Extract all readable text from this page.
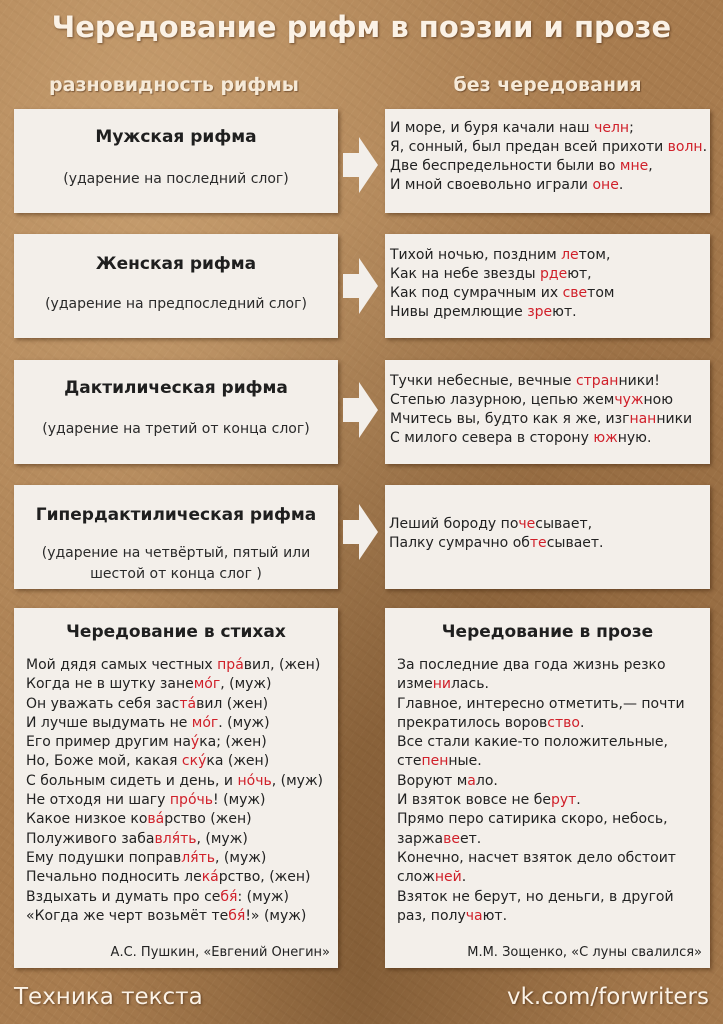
Чередование рифм в поэзии и прозе
разновидность рифмы	без чередования
Мужская рифма
(ударение на последний слог)
И море, и буря качали наш челн;
Я, сонный, был предан всей прихоти волн.
Две беспредельности были во мне,
И мной своевольно играли оне.
Женская рифма
(ударение на предпоследний слог)
Тихой ночью, поздним летом,
Как на небе звезды рдеют,
Как под сумрачным их светом
Нивы дремлющие зреют.
Дактилическая рифма
(ударение на третий от конца слог)
Тучки небесные, вечные странники!
Степью лазурною, цепью жемчужною
Мчитесь вы, будто как я же, изгнанники
С милого севера в сторону южную.
Гипердактилическая рифма
(ударение на четвёртый, пятый или
шестой от конца слог )
Леший бороду почесывает,
Палку сумрачно обтесывает.
Чередование в стихах
Мой дядя самых честных пра́вил, (жен)
Когда не в шутку занемо́г, (муж)
Он уважать себя заста́вил (жен)
И лучше выдумать не мо́г. (муж)
Его пример другим нау́ка; (жен)
Но, Боже мой, какая ску́ка (жен)
С больным сидеть и день, и но́чь, (муж)
Не отходя ни шагу про́чь! (муж)
Какое низкое кова́рство (жен)
Полуживого забавля́ть, (муж)
Ему подушки поправля́ть, (муж)
Печально подносить лека́рство, (жен)
Вздыхать и думать про себя́: (муж)
«Когда же черт возьмёт тебя́!» (муж)
А.С. Пушкин, «Евгений Онегин»
Чередование в прозе
За последние два года жизнь резко
изменилась.
Главное, интересно отметить,— почти
прекратилось воровство.
Все стали какие-то положительные,
степенные.
Воруют мало.
И взяток вовсе не берут.
Прямо перо сатирика скоро, небось,
заржавеет.
Конечно, насчет взяток дело обстоит
сложней.
Взяток не берут, но деньги, в другой
раз, получают.
М.М. Зощенко, «С луны свалился»
Техника текста	vk.com/forwriters
